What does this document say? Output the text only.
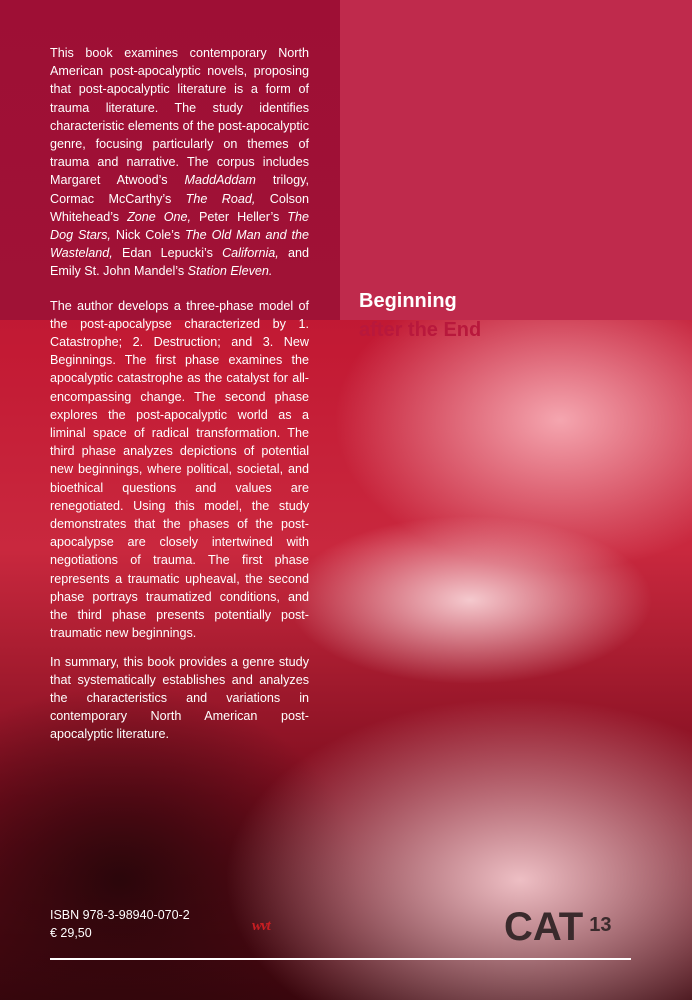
This book examines contemporary North American post-apocalyptic novels, proposing that post-apocalyptic literature is a form of trauma literature. The study identifies characteristic elements of the post-apocalyptic genre, focusing particularly on themes of trauma and narrative. The corpus includes Margaret Atwood’s MaddAddam trilogy, Cormac McCarthy’s The Road, Colson Whitehead’s Zone One, Peter Heller’s The Dog Stars, Nick Cole’s The Old Man and the Wasteland, Edan Lepucki’s California, and Emily St. John Mandel’s Station Eleven.

The author develops a three-phase model of the post-apocalypse characterized by 1. Catastrophe; 2. Destruction; and 3. New Beginnings. The first phase examines the apocalyptic catastrophe as the catalyst for all-encompassing change. The second phase explores the post-apocalyptic world as a liminal space of radical transformation. The third phase analyzes depictions of potential new beginnings, where political, societal, and bioethical questions and values are renegotiated. Using this model, the study demonstrates that the phases of the post-apocalypse are closely intertwined with negotiations of trauma. The first phase represents a traumatic upheaval, the second phase portrays traumatized conditions, and the third phase presents potentially post-traumatic new beginnings.

In summary, this book provides a genre study that systematically establishes and analyzes the characteristics and variations in contemporary North American post-apocalyptic literature.

Beginning
after the End
ISBN 978-3-98940-070-2
€ 29,50	wvt	CAT $^{13}$
